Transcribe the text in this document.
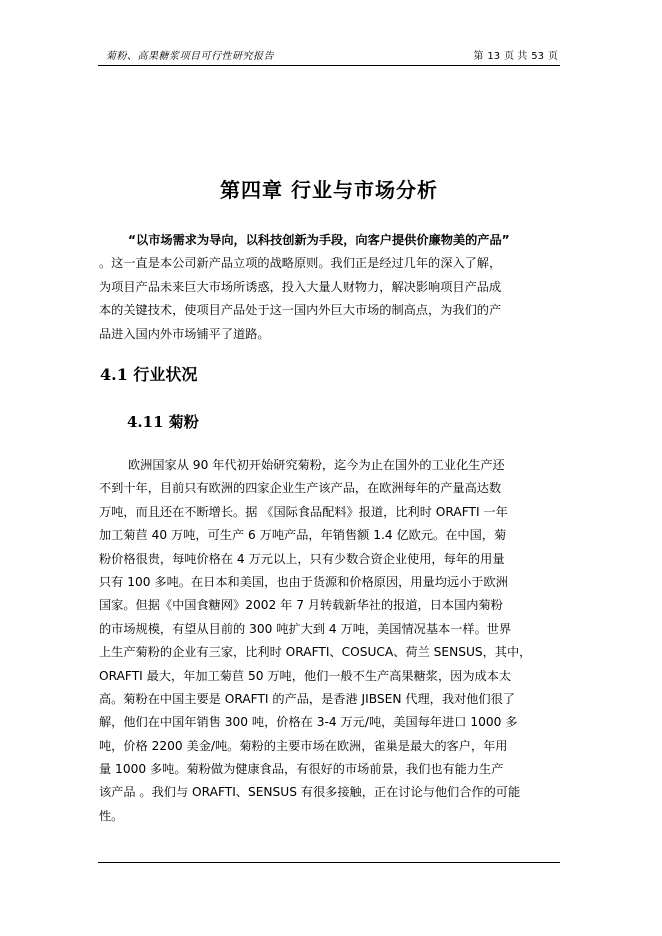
菊粉、高果糖浆项目可行性研究报告	第 13 页 共 53 页
第四章 行业与市场分析
“以市场需求为导向，以科技创新为手段，向客户提供价廉物美的产品”
。这一直是本公司新产品立项的战略原则。我们正是经过几年的深入了解，
为项目产品未来巨大市场所诱惑，投入大量人财物力，解决影响项目产品成
本的关键技术，使项目产品处于这一国内外巨大市场的制高点，为我们的产
品进入国内外市场铺平了道路。
4.1 行业状况
4.11 菊粉
欧洲国家从 90 年代初开始研究菊粉，迄今为止在国外的工业化生产还
不到十年，目前只有欧洲的四家企业生产该产品，在欧洲每年的产量高达数
万吨，而且还在不断增长。据 《国际食品配料》报道，比利时 ORAFTI 一年
加工菊苣 40 万吨，可生产 6 万吨产品，年销售额 1.4 亿欧元。在中国，菊
粉价格很贵，每吨价格在 4 万元以上，只有少数合资企业使用，每年的用量
只有 100 多吨。在日本和美国，也由于货源和价格原因，用量均远小于欧洲
国家。但据《中国食糖网》2002 年 7 月转载新华社的报道，日本国内菊粉
的市场规模，有望从目前的 300 吨扩大到 4 万吨，美国情况基本一样。世界
上生产菊粉的企业有三家，比利时 ORAFTI、COSUCA、荷兰 SENSUS，其中，
ORAFTI 最大，年加工菊苣 50 万吨，他们一般不生产高果糖浆，因为成本太
高。菊粉在中国主要是 ORAFTI 的产品，是香港 JIBSEN 代理，我对他们很了
解，他们在中国年销售 300 吨，价格在 3-4 万元/吨，美国每年进口 1000 多
吨，价格 2200 美金/吨。菊粉的主要市场在欧洲，雀巢是最大的客户，年用
量 1000 多吨。菊粉做为健康食品，有很好的市场前景，我们也有能力生产
该产品 。我们与 ORAFTI、SENSUS 有很多接触，正在讨论与他们合作的可能
性。
